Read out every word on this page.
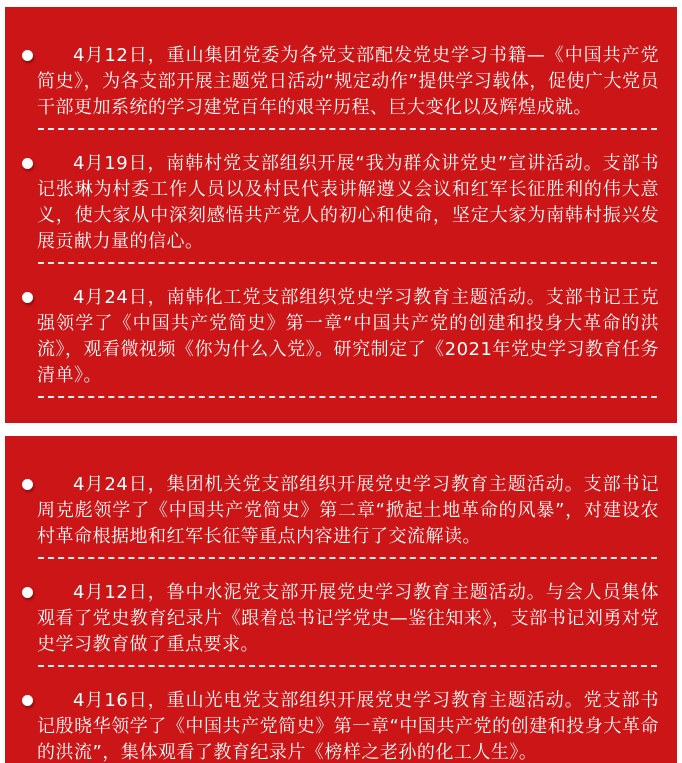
4月12日，重山集团党委为各党支部配发党史学习书籍—《中国共产党简史》，为各支部开展主题党日活动“规定动作”提供学习载体，促使广大党员干部更加系统的学习建党百年的艰辛历程、巨大变化以及辉煌成就。

4月19日，南韩村党支部组织开展“我为群众讲党史”宣讲活动。支部书记张琳为村委工作人员以及村民代表讲解遵义会议和红军长征胜利的伟大意义，使大家从中深刻感悟共产党人的初心和使命，坚定大家为南韩村振兴发展贡献力量的信心。

4月24日，南韩化工党支部组织党史学习教育主题活动。支部书记王克强领学了《中国共产党简史》第一章“中国共产党的创建和投身大革命的洪流》，观看微视频《你为什么入党》。研究制定了《2021年党史学习教育任务清单》。

4月24日，集团机关党支部组织开展党史学习教育主题活动。支部书记周克彪领学了《中国共产党简史》第二章“掀起土地革命的风暴”，对建设农村革命根据地和红军长征等重点内容进行了交流解读。

4月12日，鲁中水泥党支部开展党史学习教育主题活动。与会人员集体观看了党史教育纪录片《跟着总书记学党史—鉴往知来》，支部书记刘勇对党史学习教育做了重点要求。

4月16日，重山光电党支部组织开展党史学习教育主题活动。党支部书记殷晓华领学了《中国共产党简史》第一章“中国共产党的创建和投身大革命的洪流”，集体观看了教育纪录片《榜样之老孙的化工人生》。
